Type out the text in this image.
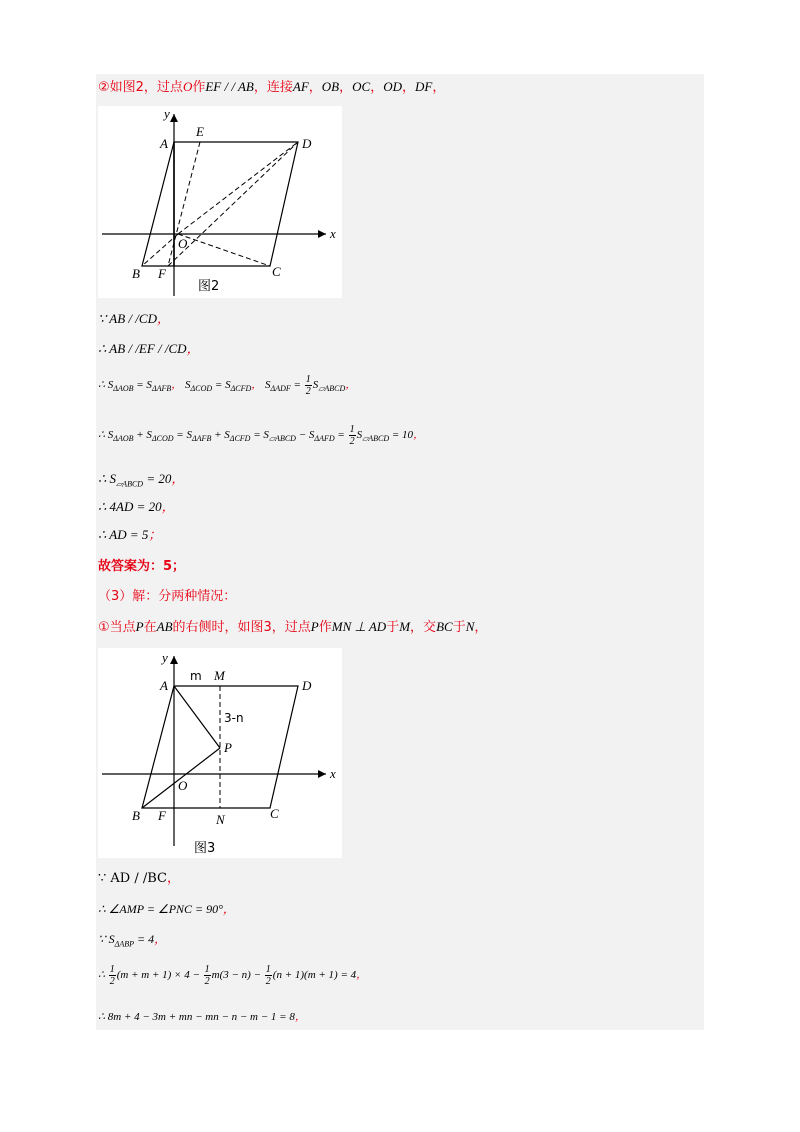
②如图2，过点O作EF / / AB，连接AF，OB，OC，OD，DF，
y
x
A
E
D
O
B F	C
图2
∵ AB / /CD，
∴ AB / /EF / /CD，
∴ $S_{\Delta AOB} = S_{\Delta AFB}$， $S_{\Delta COD} = S_{\Delta CFD}$， $S_{\Delta ADF} = \frac{1}{2} S_{▱ABCD}$，
∴ $S_{\Delta AOB} + S_{\Delta COD} = S_{\Delta AFB} + S_{\Delta CFD} = S_{▱ABCD} - S_{\Delta AFD} = \frac{1}{2} S_{▱ABCD} = 10$，
∴ $S_{▱ABCD} = 20$，
∴ 4AD = 20，
∴ AD = 5；
故答案为：5；
（3）解：分两种情况：
①当点P在AB的右侧时，如图3，过点P作MN ⊥ AD于M，交BC于N，
y
x
A
M
D
P
O
B F	N	C
m
3-n
图3
∵ AD / /BC，
∴ ∠AMP = ∠PNC = 90°，
∵ $S_{\Delta ABP} = 4$，
∴ $\frac{1}{2} (m + m + 1) \times 4 - \frac{1}{2} m(3 - n) - \frac{1}{2} (n + 1)(m + 1) = 4$，
∴ 8m + 4 − 3m + mn − mn − n − m − 1 = 8，
